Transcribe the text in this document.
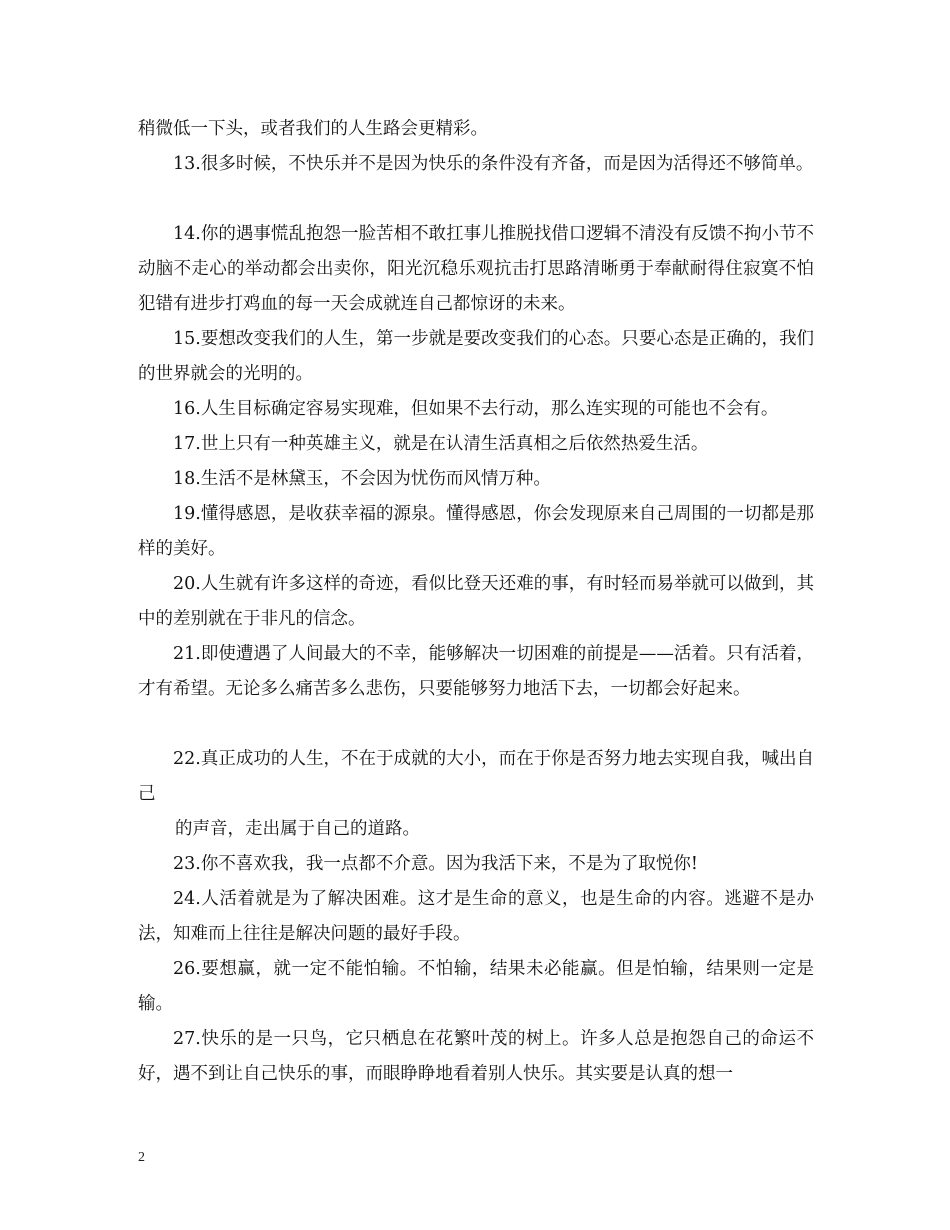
稍微低一下头，或者我们的人生路会更精彩。

13.很多时候，不快乐并不是因为快乐的条件没有齐备，而是因为活得还不够简单。

14.你的遇事慌乱抱怨一脸苦相不敢扛事儿推脱找借口逻辑不清没有反馈不拘小节不动脑不走心的举动都会出卖你，阳光沉稳乐观抗击打思路清晰勇于奉献耐得住寂寞不怕犯错有进步打鸡血的每一天会成就连自己都惊讶的未来。

15.要想改变我们的人生，第一步就是要改变我们的心态。只要心态是正确的，我们的世界就会的光明的。

16.人生目标确定容易实现难，但如果不去行动，那么连实现的可能也不会有。

17.世上只有一种英雄主义，就是在认清生活真相之后依然热爱生活。

18.生活不是林黛玉，不会因为忧伤而风情万种。

19.懂得感恩，是收获幸福的源泉。懂得感恩，你会发现原来自己周围的一切都是那样的美好。

20.人生就有许多这样的奇迹，看似比登天还难的事，有时轻而易举就可以做到，其中的差别就在于非凡的信念。

21.即使遭遇了人间最大的不幸，能够解决一切困难的前提是——活着。只有活着，才有希望。无论多么痛苦多么悲伤，只要能够努力地活下去，一切都会好起来。

22.真正成功的人生，不在于成就的大小，而在于你是否努力地去实现自我，喊出自己

的声音，走出属于自己的道路。

23.你不喜欢我，我一点都不介意。因为我活下来，不是为了取悦你!

24.人活着就是为了解决困难。这才是生命的意义，也是生命的内容。逃避不是办法，知难而上往往是解决问题的最好手段。

26.要想赢，就一定不能怕输。不怕输，结果未必能赢。但是怕输，结果则一定是输。

27.快乐的是一只鸟，它只栖息在花繁叶茂的树上。许多人总是抱怨自己的命运不好，遇不到让自己快乐的事，而眼睁睁地看着别人快乐。其实要是认真的想一

2
